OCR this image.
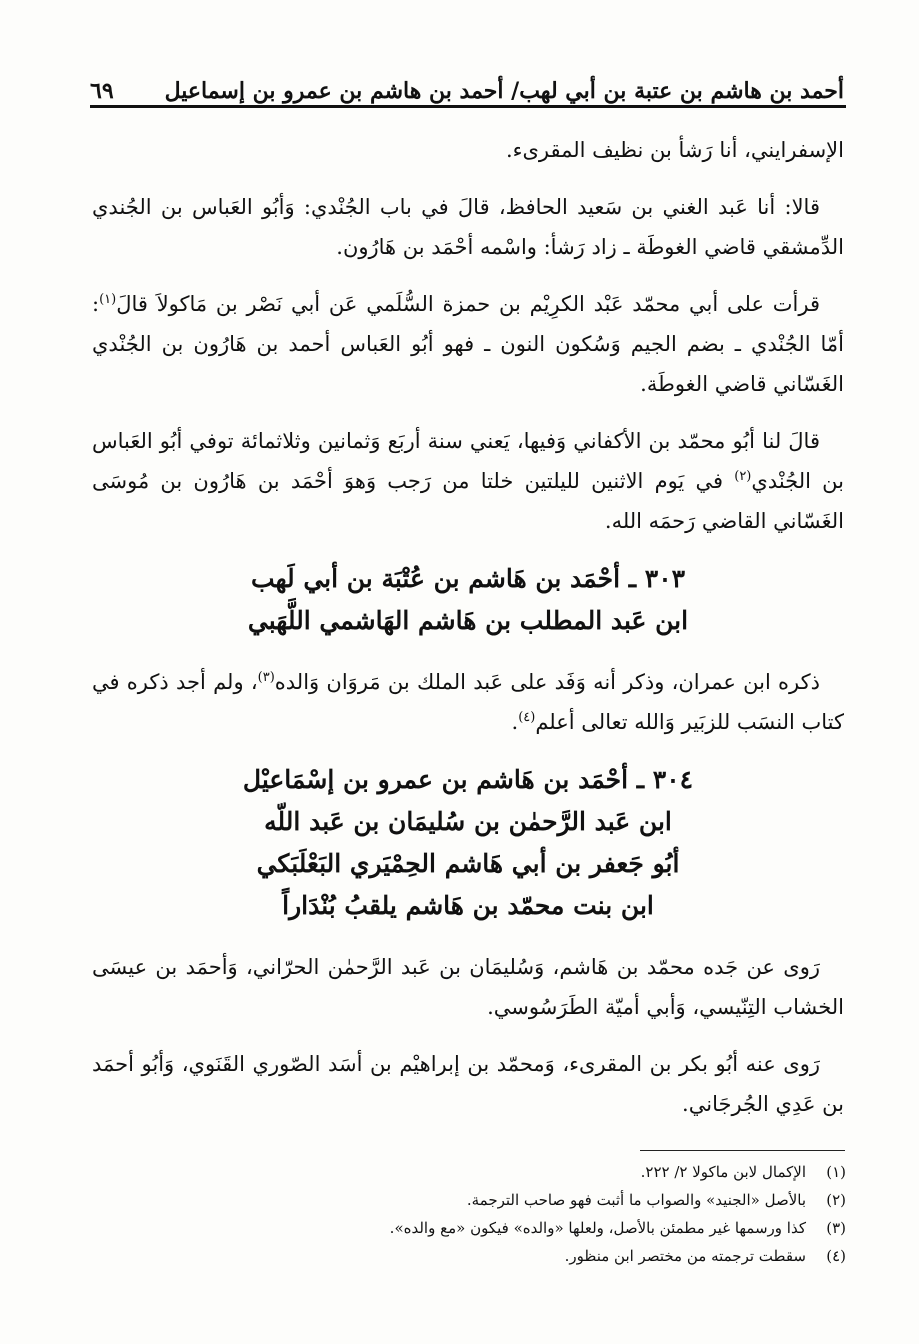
أحمد بن هاشم بن عتبة بن أبي لهب/ أحمد بن هاشم بن عمرو بن إسماعيل
٦٩

الإسفرايني، أنا رَشأ بن نظيف المقرىء.

قالا: أنا عَبد الغني بن سَعيد الحافظ، قالَ في باب الجُنْدي: وَأبُو العَباس بن الجُندي الدِّمشقي قاضي الغوطَة ـ زاد رَشأ: واسْمه أحْمَد بن هَارُون.

قرأت على أبي محمّد عَبْد الكرِيْم بن حمزة السُّلَمي عَن أبي نَصْر بن مَاكولاَ قالَ$^{(١)}$: أمّا الجُنْدي ـ بضم الجيم وَسُكون النون ـ فهو أبُو العَباس أحمد بن هَارُون بن الجُنْدي الغَسّاني قاضي الغوطَة.

قالَ لنا أبُو محمّد بن الأكفاني وَفيها، يَعني سنة أربَع وَثمانين وثلاثمائة توفي أبُو العَباس بن الجُنْدي$^{(٢)}$ في يَوم الاثنين لليلتين خلتا من رَجب وَهوَ أحْمَد بن هَارُون بن مُوسَى الغَسّاني القاضي رَحمَه الله.

٣٠٣ ـ أحْمَد بن هَاشم بن عُتْبَة بن أبي لَهب
ابن عَبد المطلب بن هَاشم الهَاشمي اللَّهَبي

ذكره ابن عمران، وذكر أنه وَفَد على عَبد الملك بن مَروَان وَالده$^{(٣)}$، ولم أجد ذكره في كتاب النسَب للزبَير وَالله تعالى أعلم$^{(٤)}$.

٣٠٤ ـ أحْمَد بن هَاشم بن عمرو بن إسْمَاعيْل
ابن عَبد الرَّحمٰن بن سُليمَان بن عَبد اللّه
أبُو جَعفر بن أبي هَاشم الحِمْيَري البَعْلَبَكي
ابن بنت محمّد بن هَاشم يلقبُ بُنْدَاراً

رَوى عن جَده محمّد بن هَاشم، وَسُليمَان بن عَبد الرَّحمٰن الحرّاني، وَأحمَد بن عيسَى الخشاب التِنّيسي، وَأبي أميّة الطَرَسُوسي.

رَوى عنه أبُو بكر بن المقرىء، وَمحمّد بن إبراهيْم بن أسَد الصّوري القَنَوي، وَأبُو أحمَد بن عَدِي الجُرجَاني.

(١)الإكمال لابن ماكولا ٢/ ٢٢٢.
(٢)بالأصل «الجنيد» والصواب ما أثبت فهو صاحب الترجمة.
(٣)كذا ورسمها غير مطمئن بالأصل، ولعلها «والده» فيكون «مع والده».
(٤)سقطت ترجمته من مختصر ابن منظور.
